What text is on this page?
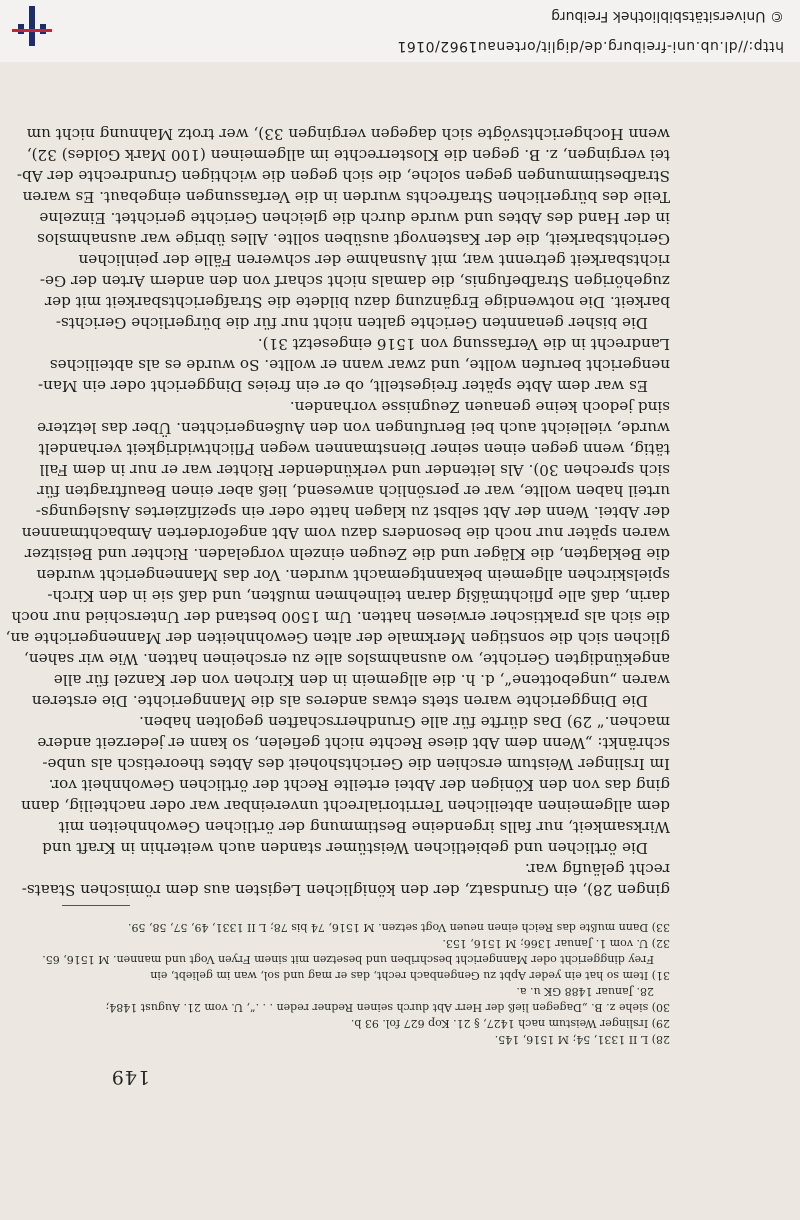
http://dl.ub.uni-freiburg.de/diglit/ortenau1962/0161
© Universitätsbibliothek Freiburg
149
28) L II 1331, 54; M 1516, 145.
29) Irslinger Weistum nach 1427, § 21. Kop 627 fol. 93 b.
30) siehe z. B. „Dagegen ließ der Herr Abt durch seinen Redner reden . . .“, U. vom 21. August 1484;
28. Januar 1488 GK u. a.
31) Item so hat ein yeder Apbt zu Gengenbach recht, das er mag und sol, wan im geliebt, ein
Frey dinggericht oder Manngericht beschriben und besetzen mit sinem Fryen Vogt und mannen. M 1516, 65.
32) U. vom 1. Januar 1366; M 1516, 153.
33) Dann mußte das Reich einen neuen Vogt setzen. M 1516, 74 bis 78; L II 1331, 49, 57, 58, 59.
gingen 28), ein Grundsatz, der den königlichen Legisten aus dem römischen Staats-
recht geläufig war.
Die örtlichen und gebietlichen Weistümer standen auch weiterhin in Kraft und
Wirksamkeit, nur falls irgendeine Bestimmung der örtlichen Gewohnheiten mit
dem allgemeinen abteilichen Territorialrecht unvereinbar war oder nachteilig, dann
ging das von den Königen der Abtei erteilte Recht der örtlichen Gewohnheit vor.
Im Irslinger Weistum erschien die Gerichtshoheit des Abtes theoretisch als unbe-
schränkt: „Wenn dem Abt diese Rechte nicht gefielen, so kann er jederzeit andere
machen.“ 29) Das dürfte für alle Grundherrschaften gegolten haben.
Die Dinggerichte waren stets etwas anderes als die Manngerichte. Die ersteren
waren „ungebottene“, d. h. die allgemein in den Kirchen von der Kanzel für alle
angekündigten Gerichte, wo ausnahmslos alle zu erscheinen hatten. Wie wir sahen,
glichen sich die sonstigen Merkmale der alten Gewohnheiten der Mannengerichte an,
die sich als praktischer erwiesen hatten. Um 1500 bestand der Unterschied nur noch
darin, daß alle pflichtmäßig daran teilnehmen mußten, und daß sie in den Kirch-
spielskirchen allgemein bekanntgemacht wurden. Vor das Mannengericht wurden
die Beklagten, die Kläger und die Zeugen einzeln vorgeladen. Richter und Beisitzer
waren später nur noch die besonders dazu vom Abt angeforderten Ambachtmannen
der Abtei. Wenn der Abt selbst zu klagen hatte oder ein spezifiziertes Auslegungs-
urteil haben wollte, war er persönlich anwesend, ließ aber einen Beauftragten für
sich sprechen 30). Als leitender und verkündender Richter war er nur in dem Fall
tätig, wenn gegen einen seiner Dienstmannen wegen Pflichtwidrigkeit verhandelt
wurde, vielleicht auch bei Berufungen von den Außengerichten. Über das letztere
sind jedoch keine genauen Zeugnisse vorhanden.
Es war dem Abte später freigestellt, ob er ein freies Dinggericht oder ein Man-
nengericht berufen wollte, und zwar wann er wollte. So wurde es als abteiliches
Landrecht in die Verfassung von 1516 eingesetzt 31).
Die bisher genannten Gerichte galten nicht nur für die bürgerliche Gerichts-
barkeit. Die notwendige Ergänzung dazu bildete die Strafgerichtsbarkeit mit der
zugehörigen Strafbefugnis, die damals nicht scharf von den andern Arten der Ge-
richtsbarkeit getrennt war, mit Ausnahme der schweren Fälle der peinlichen
Gerichtsbarkeit, die der Kastenvogt ausüben sollte. Alles übrige war ausnahmslos
in der Hand des Abtes und wurde durch die gleichen Gerichte gerichtet. Einzelne
Teile des bürgerlichen Strafrechts wurden in die Verfassungen eingebaut. Es waren
Strafbestimmungen gegen solche, die sich gegen die wichtigen Grundrechte der Ab-
tei vergingen, z. B. gegen die Klosterrechte im allgemeinen (100 Mark Goldes) 32),
wenn Hochgerichtsvögte sich dagegen vergingen 33), wer trotz Mahnung nicht um
